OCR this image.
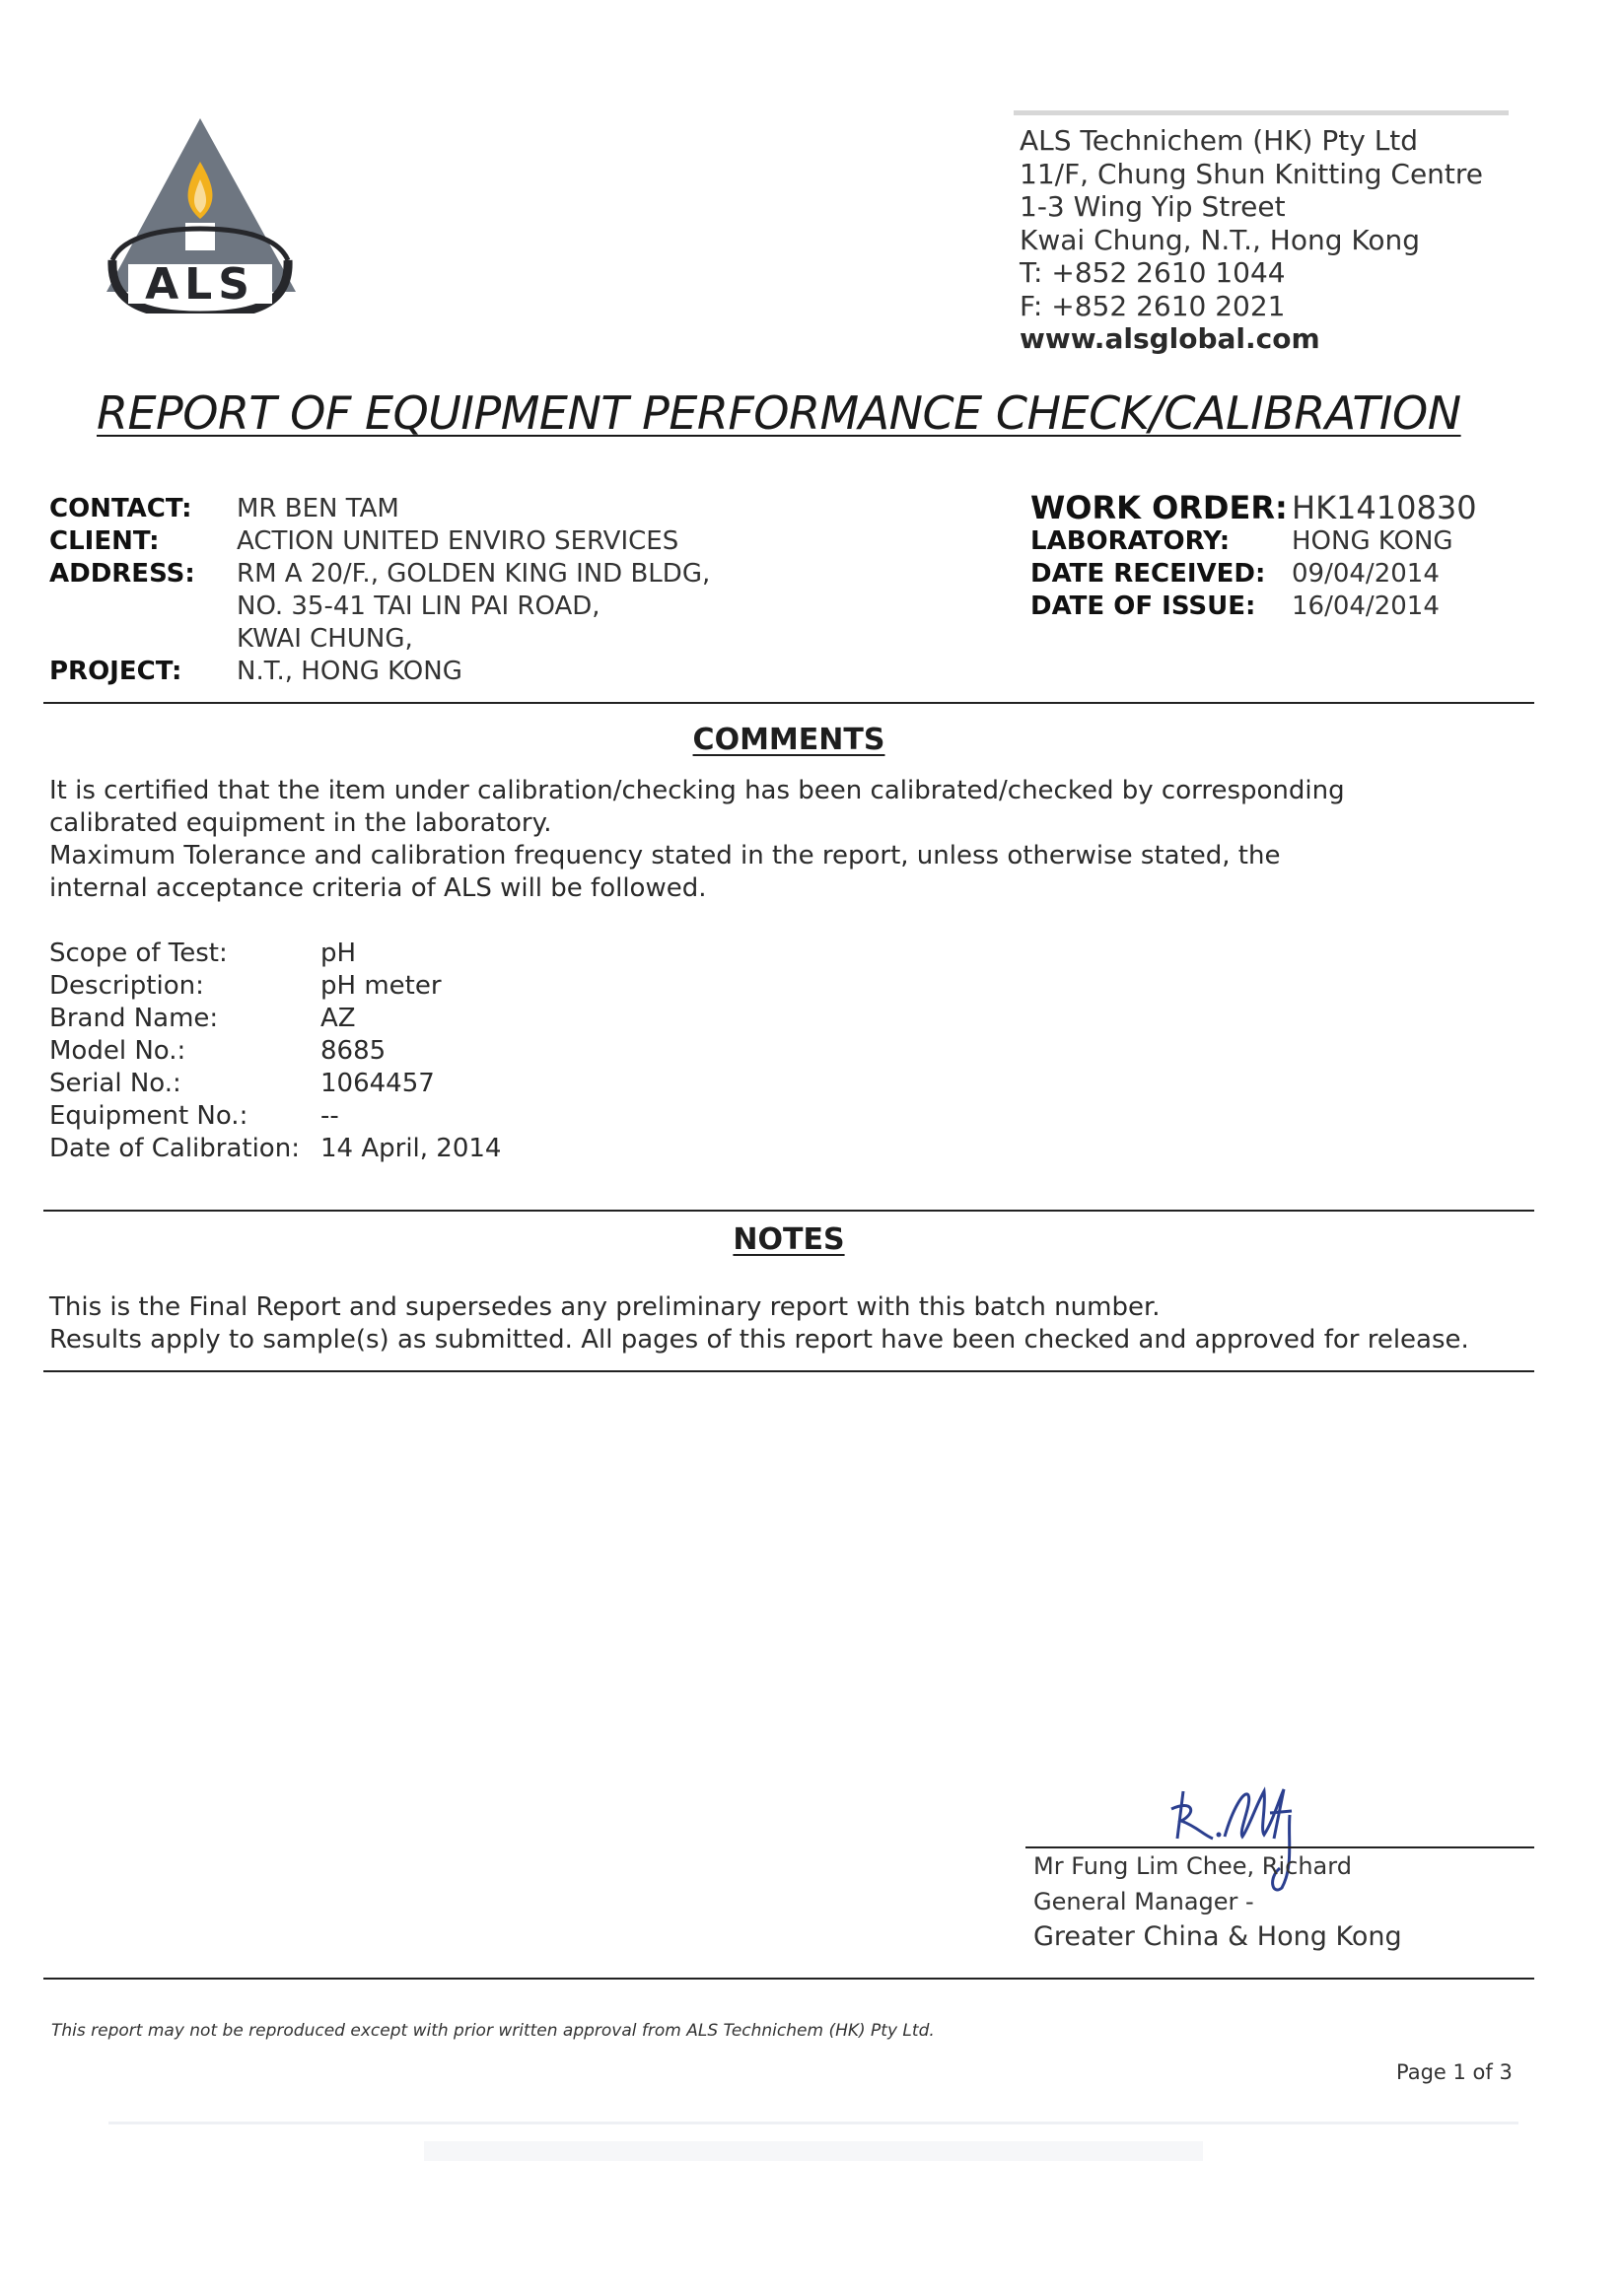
ALS
ALS Technichem (HK) Pty Ltd
11/F, Chung Shun Knitting Centre
1-3 Wing Yip Street
Kwai Chung, N.T., Hong Kong
T: +852 2610 1044
F: +852 2610 2021
www.alsglobal.com
REPORT OF EQUIPMENT PERFORMANCE CHECK/CALIBRATION
CONTACT: MR BEN TAM
CLIENT:	ACTION UNITED ENVIRO SERVICES
ADDRESS: RM A 20/F., GOLDEN KING IND BLDG,
NO. 35-41 TAI LIN PAI ROAD,
KWAI CHUNG,
PROJECT: N.T., HONG KONG
WORK ORDER: HK1410830
LABORATORY: HONG KONG
DATE RECEIVED: 09/04/2014
DATE OF ISSUE: 16/04/2014
COMMENTS
It is certified that the item under calibration/checking has been calibrated/checked by corresponding
calibrated equipment in the laboratory.
Maximum Tolerance and calibration frequency stated in the report, unless otherwise stated, the
internal acceptance criteria of ALS will be followed.
Scope of Test:	pH
Description:	pH meter
Brand Name:	AZ
Model No.:	8685
Serial No.:	1064457
Equipment No.:	--
Date of Calibration: 14 April, 2014
NOTES
This is the Final Report and supersedes any preliminary report with this batch number.
Results apply to sample(s) as submitted. All pages of this report have been checked and approved for release.
Mr Fung Lim Chee, Richard
General Manager -
Greater China & Hong Kong
This report may not be reproduced except with prior written approval from ALS Technichem (HK) Pty Ltd.
Page 1 of 3
